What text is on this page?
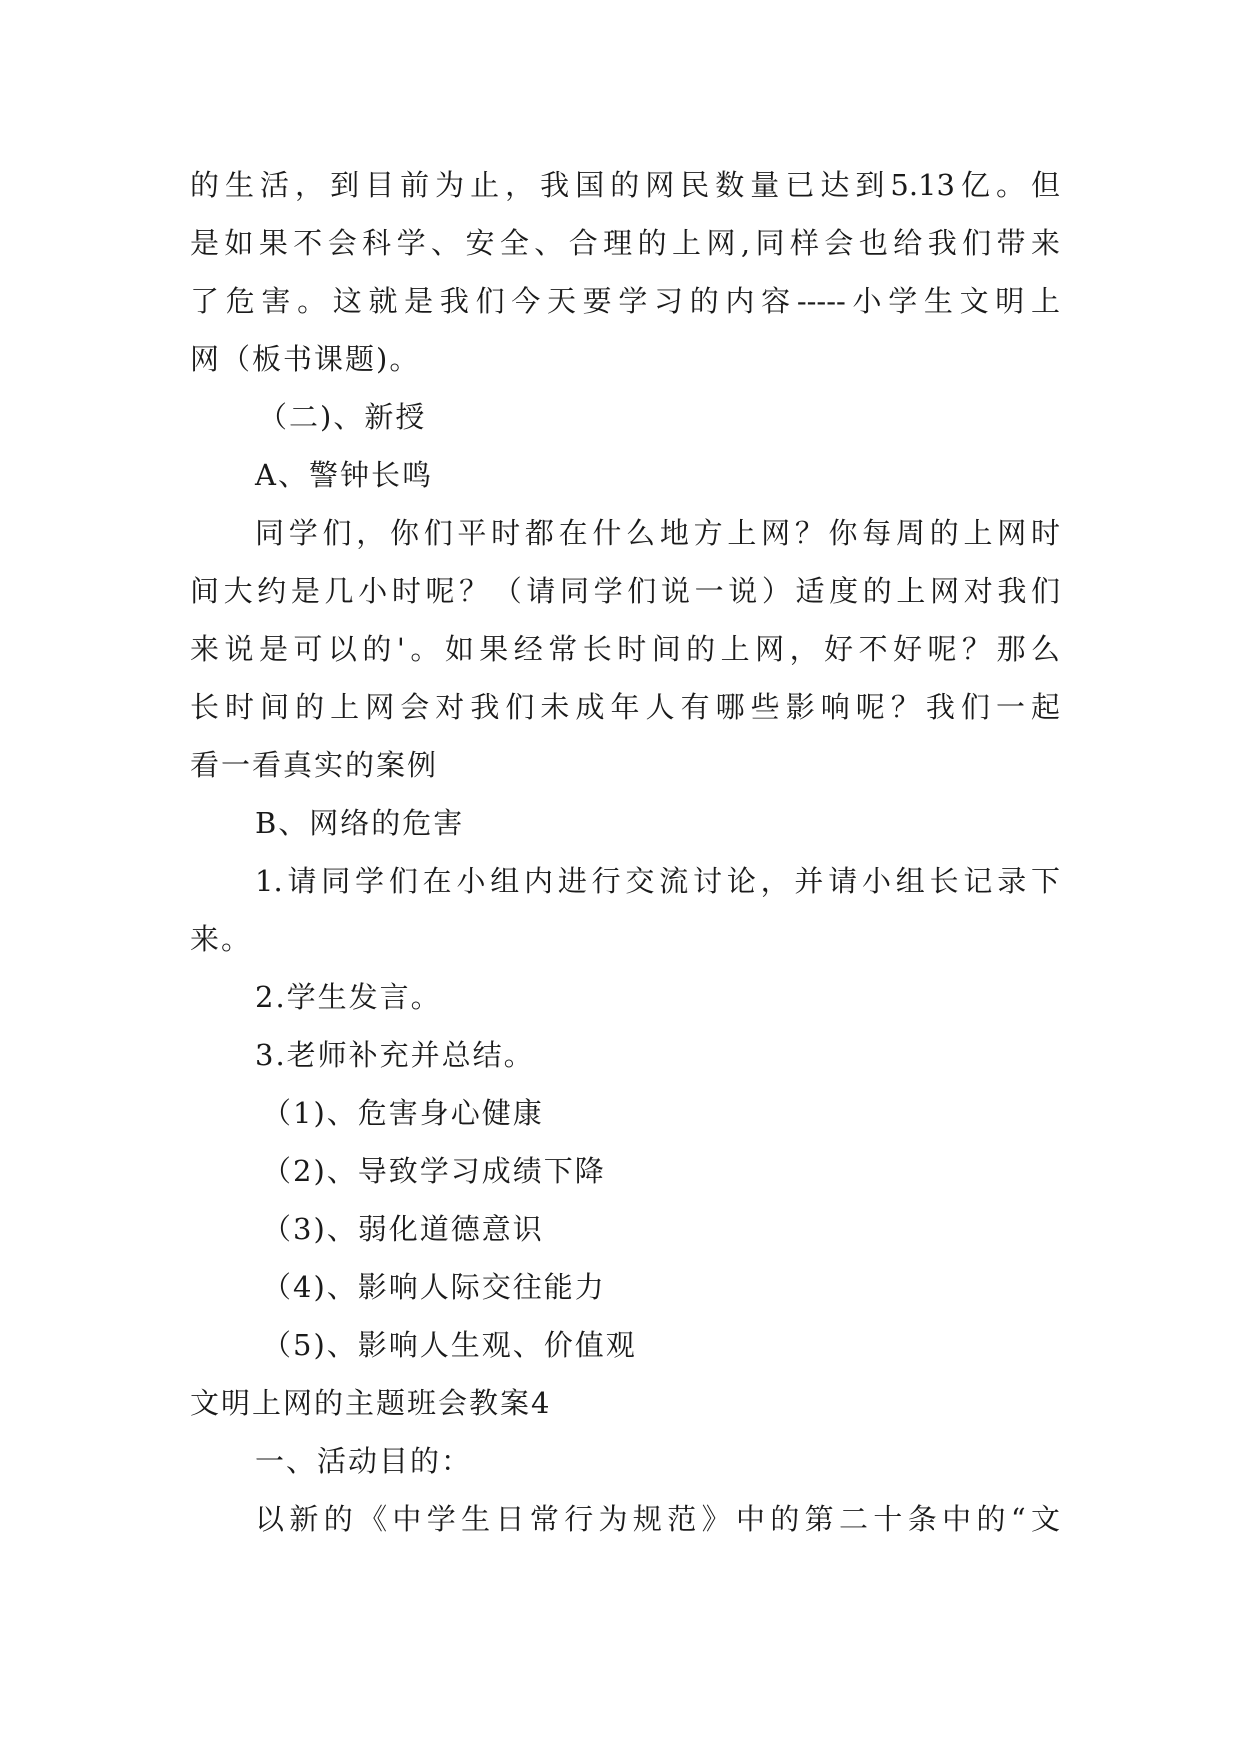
的生活，到目前为止，我国的网民数量已达到5.13亿。但
是如果不会科学、安全、合理的上网,同样会也给我们带来
了危害。这就是我们今天要学习的内容-----小学生文明上
网（板书课题)。
（二)、新授
A、警钟长鸣
同学们，你们平时都在什么地方上网？你每周的上网时
间大约是几小时呢？（请同学们说一说）适度的上网对我们
来说是可以的'。如果经常长时间的上网，好不好呢？那么
长时间的上网会对我们未成年人有哪些影响呢？我们一起
看一看真实的案例
B、网络的危害
1.请同学们在小组内进行交流讨论，并请小组长记录下
来。
2.学生发言。
3.老师补充并总结。
（1)、危害身心健康
（2)、导致学习成绩下降
（3)、弱化道德意识
（4)、影响人际交往能力
（5)、影响人生观、价值观
文明上网的主题班会教案4
一、活动目的：
以新的《中学生日常行为规范》中的第二十条中的“文
